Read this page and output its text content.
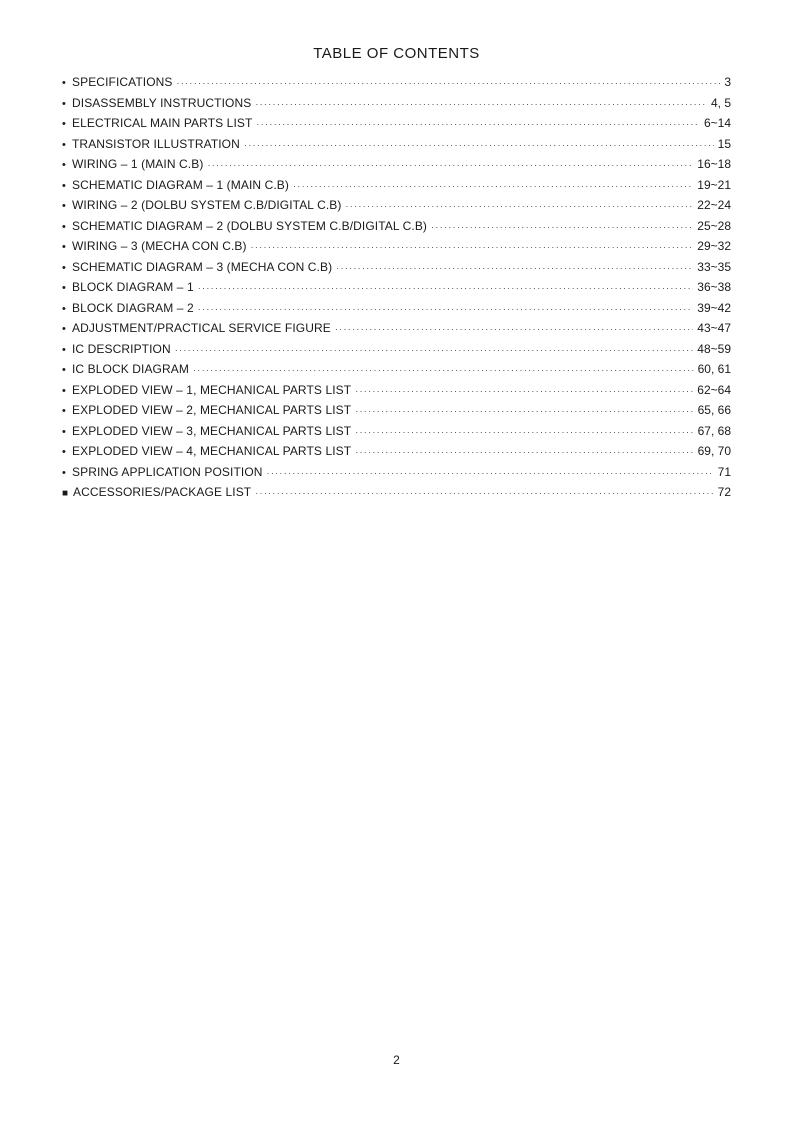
TABLE OF CONTENTS
• SPECIFICATIONS ·····	3
• DISASSEMBLY INSTRUCTIONS ·····	4, 5
• ELECTRICAL MAIN PARTS LIST ·····	6~14
• TRANSISTOR ILLUSTRATION ·····	15
• WIRING – 1 (MAIN C.B) ·····	16~18
• SCHEMATIC DIAGRAM – 1 (MAIN C.B) ·····	19~21
• WIRING – 2 (DOLBU SYSTEM C.B/DIGITAL C.B) ·····	22~24
• SCHEMATIC DIAGRAM – 2 (DOLBU SYSTEM C.B/DIGITAL C.B) ·····	25~28
• WIRING – 3 (MECHA CON C.B) ·····	29~32
• SCHEMATIC DIAGRAM – 3 (MECHA CON C.B) ·····	33~35
• BLOCK DIAGRAM – 1 ·····	36~38
• BLOCK DIAGRAM – 2 ·····	39~42
• ADJUSTMENT/PRACTICAL SERVICE FIGURE ·····	43~47
• IC DESCRIPTION ·····	48~59
• IC BLOCK DIAGRAM ·····	60, 61
• EXPLODED VIEW – 1, MECHANICAL PARTS LIST ·····	62~64
• EXPLODED VIEW – 2, MECHANICAL PARTS LIST ·····	65, 66
• EXPLODED VIEW – 3, MECHANICAL PARTS LIST ·····	67, 68
• EXPLODED VIEW – 4, MECHANICAL PARTS LIST ·····	69, 70
• SPRING APPLICATION POSITION ·····	71
■ ACCESSORIES/PACKAGE LIST ·····	72
2
